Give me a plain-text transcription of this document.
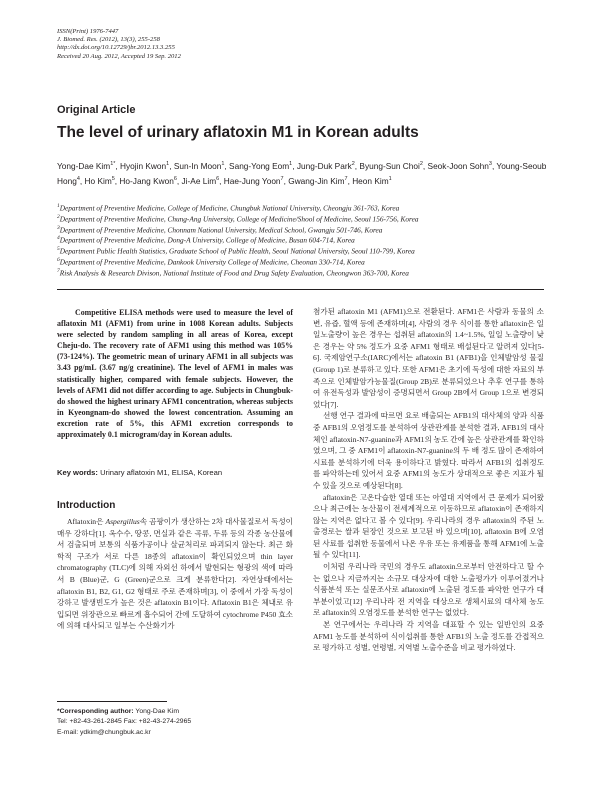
ISSN(Print) 1976-7447
J. Biomed. Res. (2012), 13(3), 255-258
http://dx.doi.org/10.12729/jbr.2012.13.3.255
Received 20 Aug. 2012, Accepted 19 Sep. 2012
Original Article
The level of urinary aflatoxin M1 in Korean adults
Yong-Dae Kim$^{1*}$, Hyojin Kwon$^1$, Sun-In Moon$^1$, Sang-Yong Eom$^1$, Jung-Duk Park$^2$, Byung-Sun Choi$^2$, Seok-Joon Sohn$^3$, Young-Seoub Hong$^4$, Ho Kim$^5$, Ho-Jang Kwon$^6$, Ji-Ae Lim$^6$, Hae-Jung Yoon$^7$, Gwang-Jin Kim$^7$, Heon Kim$^1$
$^1$Department of Preventive Medicine, College of Medicine, Chungbuk National University, Cheongju 361-763, Korea
$^2$Department of Preventive Medicine, Chung-Ang University, College of Medicine/Shool of Medicine, Seoul 156-756, Korea
$^3$Department of Preventive Medicine, Chonnam National University, Medical School, Gwangju 501-746, Korea
$^4$Department of Preventive Medicine, Dong-A University, College of Medicine, Busan 604-714, Korea
$^5$Department Public Health Statistics, Graduate School of Public Health, Seoul National University, Seoul 110-799, Korea
$^6$Department of Preventive Medicine, Dankook University College of Medicine, Cheonan 330-714, Korea
$^7$Risk Analysis & Research Divison, National Institute of Food and Drug Safety Evaluation, Cheongwon 363-700, Korea
Competitive ELISA methods were used to measure the level of aflatoxin M1 (AFM1) from urine in 1008 Korean adults. Subjects were selected by random sampling in all areas of Korea, except Cheju-do. The recovery rate of AFM1 using this method was 105% (73-124%). The geometric mean of urinary AFM1 in all subjects was 3.43 pg/mL (3.67 ng/g creatinine). The level of AFM1 in males was statistically higher, compared with female subjects. However, the levels of AFM1 did not differ according to age. Subjects in Chungbuk-do showed the highest urinary AFM1 concentration, whereas subjects in Kyeongnam-do showed the lowest concentration. Assuming an excretion rate of 5%, this AFM1 excretion corresponds to approximately 0.1 microgram/day in Korean adults.
Key words: Urinary aflatoxin M1, ELISA, Korean
Introduction
Aflatoxin은 Aspergillus속 곰팡이가 생산하는 2차 대사물질로서 독성이 매우 강하다[1]. 옥수수, 땅콩, 면실과 같은 곡류, 두류 등의 각종 농산물에서 검출되며 보통의 식품가공이나 살균처리로 파괴되지 않는다. 최근 화학적 구조가 서로 다른 18종의 aflatoxin이 확인되었으며 thin layer chromatography (TLC)에 의해 자외선 하에서 발현되는 형광의 색에 따라서 B (Blue)군, G (Green)군으로 크게 분류한다[2]. 자연상태에서는 aflatoxin B1, B2, G1, G2 형태로 주로 존재하며[3], 이 중에서 가장 독성이 강하고 발생빈도가 높은 것은 aflatoxin B1이다. Aflatoxin B1은 체내로 유입되면 위장관으로 빠르게 흡수되어 간에 도달하여 cytochrome P450 효소에 의해 대사되고 일부는 수산화기가
*Corresponding author: Yong-Dae Kim
Tel: +82-43-261-2845 Fax: +82-43-274-2965
E-mail: ydkim@chungbuk.ac.kr

첨가된 aflatoxin M1 (AFM1)으로 전환된다. AFM1은 사람과 동물의 소변, 유즙, 혈액 등에 존재하며[4], 사람의 경우 식이를 통한 aflatoxin은 일일노출량이 높은 경우는 섭취된 aflatoxin의 1.4~1.5%, 일일 노출량이 낮은 경우는 약 5% 정도가 요중 AFM1 형태로 배설된다고 알려져 있다[5-6]. 국제암연구소(IARC)에서는 aflatoxin B1 (AFB1)을 인체발암성 물질(Group 1)로 분류하고 있다. 또한 AFM1은 초기에 독성에 대한 자료의 부족으로 인체발암가능물질(Group 2B)로 분류되었으나 추후 연구를 통하여 유전독성과 발암성이 증명되면서 Group 2B에서 Group 1으로 변경되었다[7].

선행 연구 결과에 따르면 요로 배출되는 AFB1의 대사체의 양과 식품 중 AFB1의 오염정도를 분석하여 상관관계를 분석한 결과, AFB1의 대사체인 aflatoxin-N7-guanine과 AFM1의 농도 간에 높은 상관관계를 확인하였으며, 그 중 AFM1이 aflatoxin-N7-guanine의 두 배 정도 많이 존재하여 시료를 분석하기에 더욱 용이하다고 밝혔다. 따라서 AFB1의 섭취정도를 파악하는데 있어서 요중 AFM1의 농도가 상대적으로 좋은 지표가 될 수 있을 것으로 예상된다[8].

aflatoxin은 고온다습한 열대 또는 아열대 지역에서 큰 문제가 되어왔으나 최근에는 농산물이 전세계적으로 이동하므로 aflatoxin이 존재하지 않는 지역은 없다고 볼 수 있다[9]. 우리나라의 경우 aflatoxin의 주된 노출경로는 쌀과 된장인 것으로 보고된 바 있으며[10], aflatoxin B에 오염된 사료를 섭취한 동물에서 나온 우유 또는 유제품을 통해 AFM1에 노출될 수 있다[11].

이처럼 우리나라 국민의 경우도 aflatoxin으로부터 안전하다고 할 수는 없으나 지금까지는 소규모 대상자에 대한 노출평가가 이루어졌거나 식품분석 또는 실문조사로 aflatoxin에 노출된 정도를 파악한 연구가 대부분이었고[12] 우리나라 전 지역을 대상으로 생체시료의 대사체 농도로 aflatoxin의 오염정도를 분석한 연구는 없었다.

본 연구에서는 우리나라 각 지역을 대표할 수 있는 일반인의 요중 AFM1 농도를 분석하여 식이섭취를 통한 AFB1의 노출 정도를 간접적으로 평가하고 성별, 연령별, 지역별 노출수준을 비교 평가하였다.
